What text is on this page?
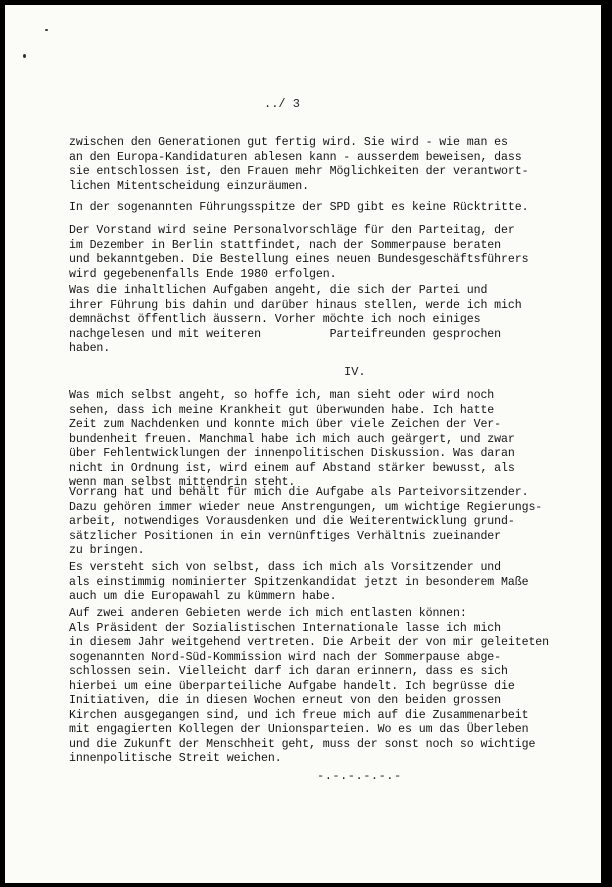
../ 3
zwischen den Generationen gut fertig wird. Sie wird - wie man es
an den Europa-Kandidaturen ablesen kann - ausserdem beweisen, dass
sie entschlossen ist, den Frauen mehr Möglichkeiten der verantwort-
lichen Mitentscheidung einzuräumen.
In der sogenannten Führungsspitze der SPD gibt es keine Rücktritte.
Der Vorstand wird seine Personalvorschläge für den Parteitag, der
im Dezember in Berlin stattfindet, nach der Sommerpause beraten
und bekanntgeben. Die Bestellung eines neuen Bundesgeschäftsführers
wird gegebenenfalls Ende 1980 erfolgen.
Was die inhaltlichen Aufgaben angeht, die sich der Partei und
ihrer Führung bis dahin und darüber hinaus stellen, werde ich mich
demnächst öffentlich äussern. Vorher möchte ich noch einiges
nachgelesen und mit weiteren          Parteifreunden gesprochen
haben.
Was mich selbst angeht, so hoffe ich, man sieht oder wird noch
sehen, dass ich meine Krankheit gut überwunden habe. Ich hatte
Zeit zum Nachdenken und konnte mich über viele Zeichen der Ver-
bundenheit freuen. Manchmal habe ich mich auch geärgert, und zwar
über Fehlentwicklungen der innenpolitischen Diskussion. Was daran
nicht in Ordnung ist, wird einem auf Abstand stärker bewusst, als
wenn man selbst mittendrin steht.
Vorrang hat und behält für mich die Aufgabe als Parteivorsitzender.
Dazu gehören immer wieder neue Anstrengungen, um wichtige Regierungs-
arbeit, notwendiges Vorausdenken und die Weiterentwicklung grund-
sätzlicher Positionen in ein vernünftiges Verhältnis zueinander
zu bringen.
Es versteht sich von selbst, dass ich mich als Vorsitzender und
als einstimmig nominierter Spitzenkandidat jetzt in besonderem Maße
auch um die Europawahl zu kümmern habe.
Auf zwei anderen Gebieten werde ich mich entlasten können:
Als Präsident der Sozialistischen Internationale lasse ich mich
in diesem Jahr weitgehend vertreten. Die Arbeit der von mir geleiteten
sogenannten Nord-Süd-Kommission wird nach der Sommerpause abge-
schlossen sein. Vielleicht darf ich daran erinnern, dass es sich
hierbei um eine überparteiliche Aufgabe handelt. Ich begrüsse die
Initiativen, die in diesen Wochen erneut von den beiden grossen
Kirchen ausgegangen sind, und ich freue mich auf die Zusammenarbeit
mit engagierten Kollegen der Unionsparteien. Wo es um das Überleben
und die Zukunft der Menschheit geht, muss der sonst noch so wichtige
innenpolitische Streit weichen.
IV.
-.-.-.-.-.-
